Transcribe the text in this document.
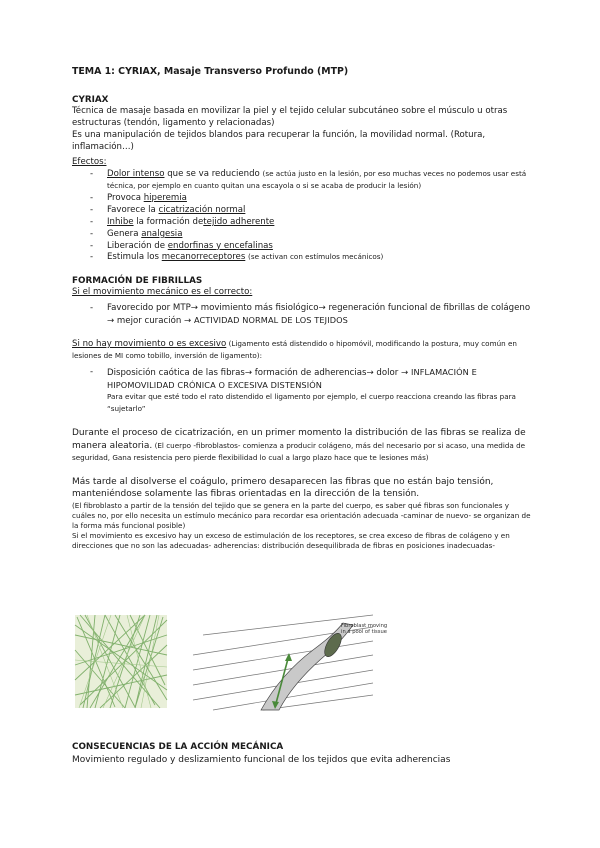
TEMA 1: CYRIAX, Masaje Transverso Profundo (MTP)

CYRIAX

Técnica de masaje basada en movilizar la piel y el tejido celular subcutáneo sobre el músculo u otras estructuras (tendón, ligamento y relacionadas)

Es una manipulación de tejidos blandos para recuperar la función, la movilidad normal. (Rotura, inflamación…)

Efectos:

- Dolor intenso que se va reduciendo (se actúa justo en la lesión, por eso muchas veces no podemos usar está técnica, por ejemplo en cuanto quitan una escayola o si se acaba de producir la lesión)
- Provoca hiperemia
- Favorece la cicatrización normal
- Inhibe la formación detejido adherente
- Genera analgesia
- Liberación de endorfinas y encefalinas
- Estimula los mecanorreceptores (se activan con estímulos mecánicos)

FORMACIÓN DE FIBRILLAS

Si el movimiento mecánico es el correcto:

- Favorecido por MTP→ movimiento más fisiológico→ regeneración funcional de fibrillas de colágeno → mejor curación → ACTIVIDAD NORMAL DE LOS TEJIDOS

Si no hay movimiento o es excesivo (Ligamento está distendido o hipomóvil, modificando la postura, muy común en lesiones de MI como tobillo, inversión de ligamento):

- Disposición caótica de las fibras→ formación de adherencias→ dolor → INFLAMACIÓN E HIPOMOVILIDAD CRÓNICA O EXCESIVA DISTENSIÓN
Para evitar que esté todo el rato distendido el ligamento por ejemplo, el cuerpo reacciona creando las fibras para “sujetarlo”

Durante el proceso de cicatrización, en un primer momento la distribución de las fibras se realiza de manera aleatoria. (El cuerpo -fibroblastos- comienza a producir colágeno, más del necesario por si acaso, una medida de seguridad, Gana resistencia pero pierde flexibilidad lo cual a largo plazo hace que te lesiones más)

Más tarde al disolverse el coágulo, primero desaparecen las fibras que no están bajo tensión, manteniéndose solamente las fibras orientadas en la dirección de la tensión.

(El fibroblasto a partir de la tensión del tejido que se genera en la parte del cuerpo, es saber qué fibras son funcionales y cuáles no, por ello necesita un estímulo mecánico para recordar esa orientación adecuada -caminar de nuevo- se organizan de la forma más funcional posible)

Si el movimiento es excesivo hay un exceso de estimulación de los receptores, se crea exceso de fibras de colágeno y en direcciones que no son las adecuadas- adherencias: distribución desequilibrada de fibras en posiciones inadecuadas-

Fibroblast moving
in a pool of tissue

CONSECUENCIAS DE LA ACCIÓN MECÁNICA

Movimiento regulado y deslizamiento funcional de los tejidos que evita adherencias
